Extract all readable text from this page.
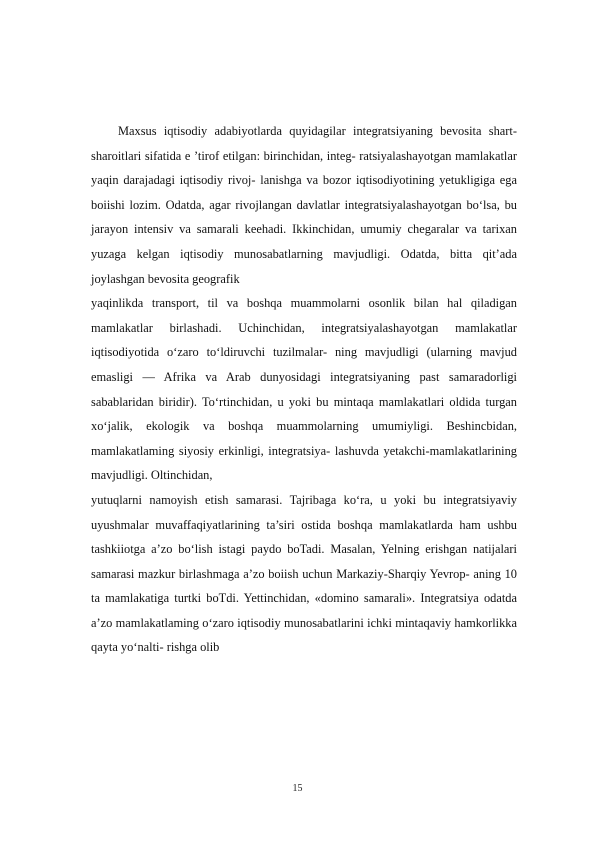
Maxsus iqtisodiy adabiyotlarda quyidagilar integratsiyaning bevosita shart-sharoitlari sifatida e ’tirof etilgan: birinchidan, integ- ratsiyalashayotgan mamlakatlar yaqin darajadagi iqtisodiy rivoj- lanishga va bozor iqtisodiyotining yetukligiga ega boiishi lozim. Odatda, agar rivojlangan davlatlar integratsiyalashayotgan bo‘lsa, bu jarayon intensiv va samarali keehadi. Ikkinchidan, umumiy chegaralar va tarixan yuzaga kelgan iqtisodiy munosabatlarning mavjudligi. Odatda, bitta qit’ada joylashgan bevosita geografik

yaqinlikda transport, til va boshqa muammolarni osonlik bilan hal qiladigan mamlakatlar birlashadi. Uchinchidan, integratsiyalashayotgan mamlakatlar iqtisodiyotida o‘zaro to‘ldiruvchi tuzilmalar- ning mavjudligi (ularning mavjud emasligi — Afrika va Arab dunyosidagi integratsiyaning past samaradorligi sabablaridan biridir). To‘rtinchidan, u yoki bu mintaqa mamlakatlari oldida turgan xo‘jalik, ekologik va boshqa muammolarning umumiyligi. Beshincbidan, mamlakatlaming siyosiy erkinligi, integratsiya- lashuvda yetakchi-mamlakatlarining mavjudligi. Oltinchidan,

yutuqlarni namoyish etish samarasi. Tajribaga ko‘ra, u yoki bu integratsiyaviy uyushmalar muvaffaqiyatlarining ta’siri ostida boshqa mamlakatlarda ham ushbu tashkiiotga a’zo bo‘lish istagi paydo boTadi. Masalan, Yelning erishgan natijalari samarasi mazkur birlashmaga a’zo boiish uchun Markaziy-Sharqiy Yevrop- aning 10 ta mamlakatiga turtki boTdi. Yettinchidan, «domino samarali». Integratsiya odatda a’zo mamlakatlaming o‘zaro iqtisodiy munosabatlarini ichki mintaqaviy hamkorlikka qayta yo‘nalti- rishga olib

15
